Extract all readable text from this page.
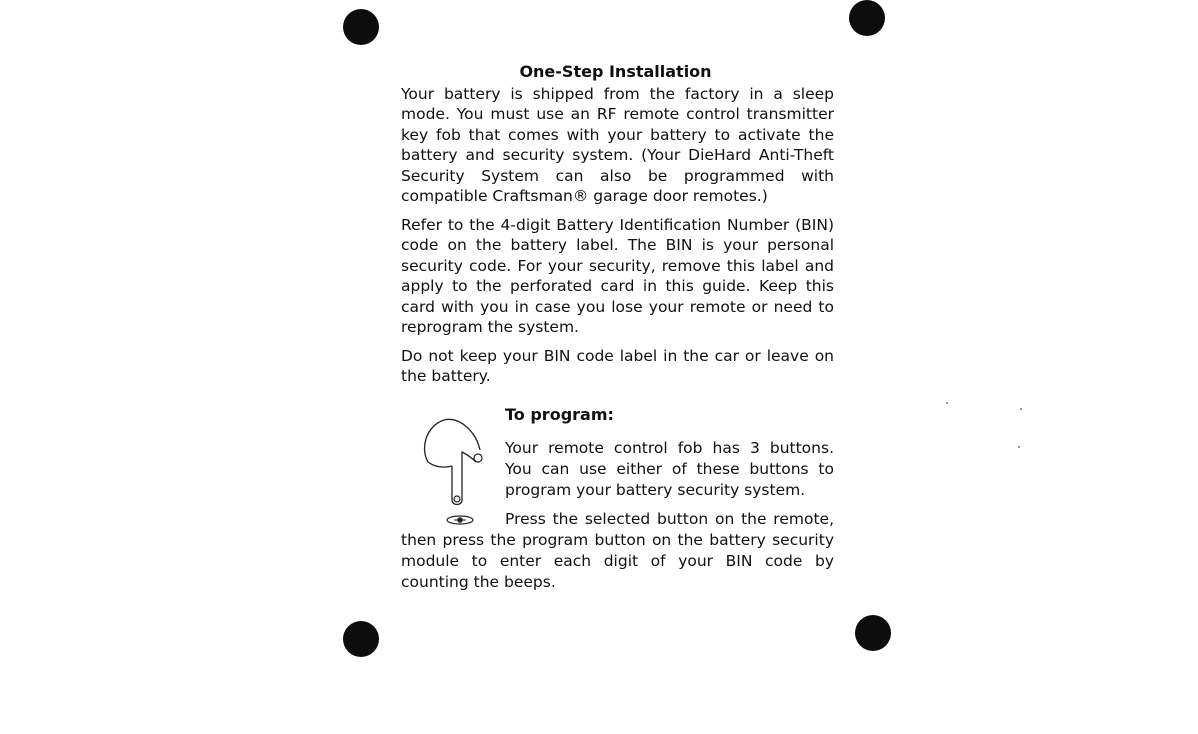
One-Step Installation

Your battery is shipped from the factory in a sleep mode. You must use an RF remote control transmitter key fob that comes with your battery to activate the battery and security system. (Your DieHard Anti-Theft Security System can also be programmed with compatible Craftsman® garage door remotes.)

Refer to the 4-digit Battery Identification Number (BIN) code on the battery label. The BIN is your personal security code. For your security, remove this label and apply to the perforated card in this guide. Keep this card with you in case you lose your remote or need to reprogram the system.

Do not keep your BIN code label in the car or leave on the battery.

To program:

Your remote control fob has 3 buttons. You can use either of these buttons to program your battery security system.

Press the selected button on the remote, then press the program button on the battery security module to enter each digit of your BIN code by counting the beeps.
